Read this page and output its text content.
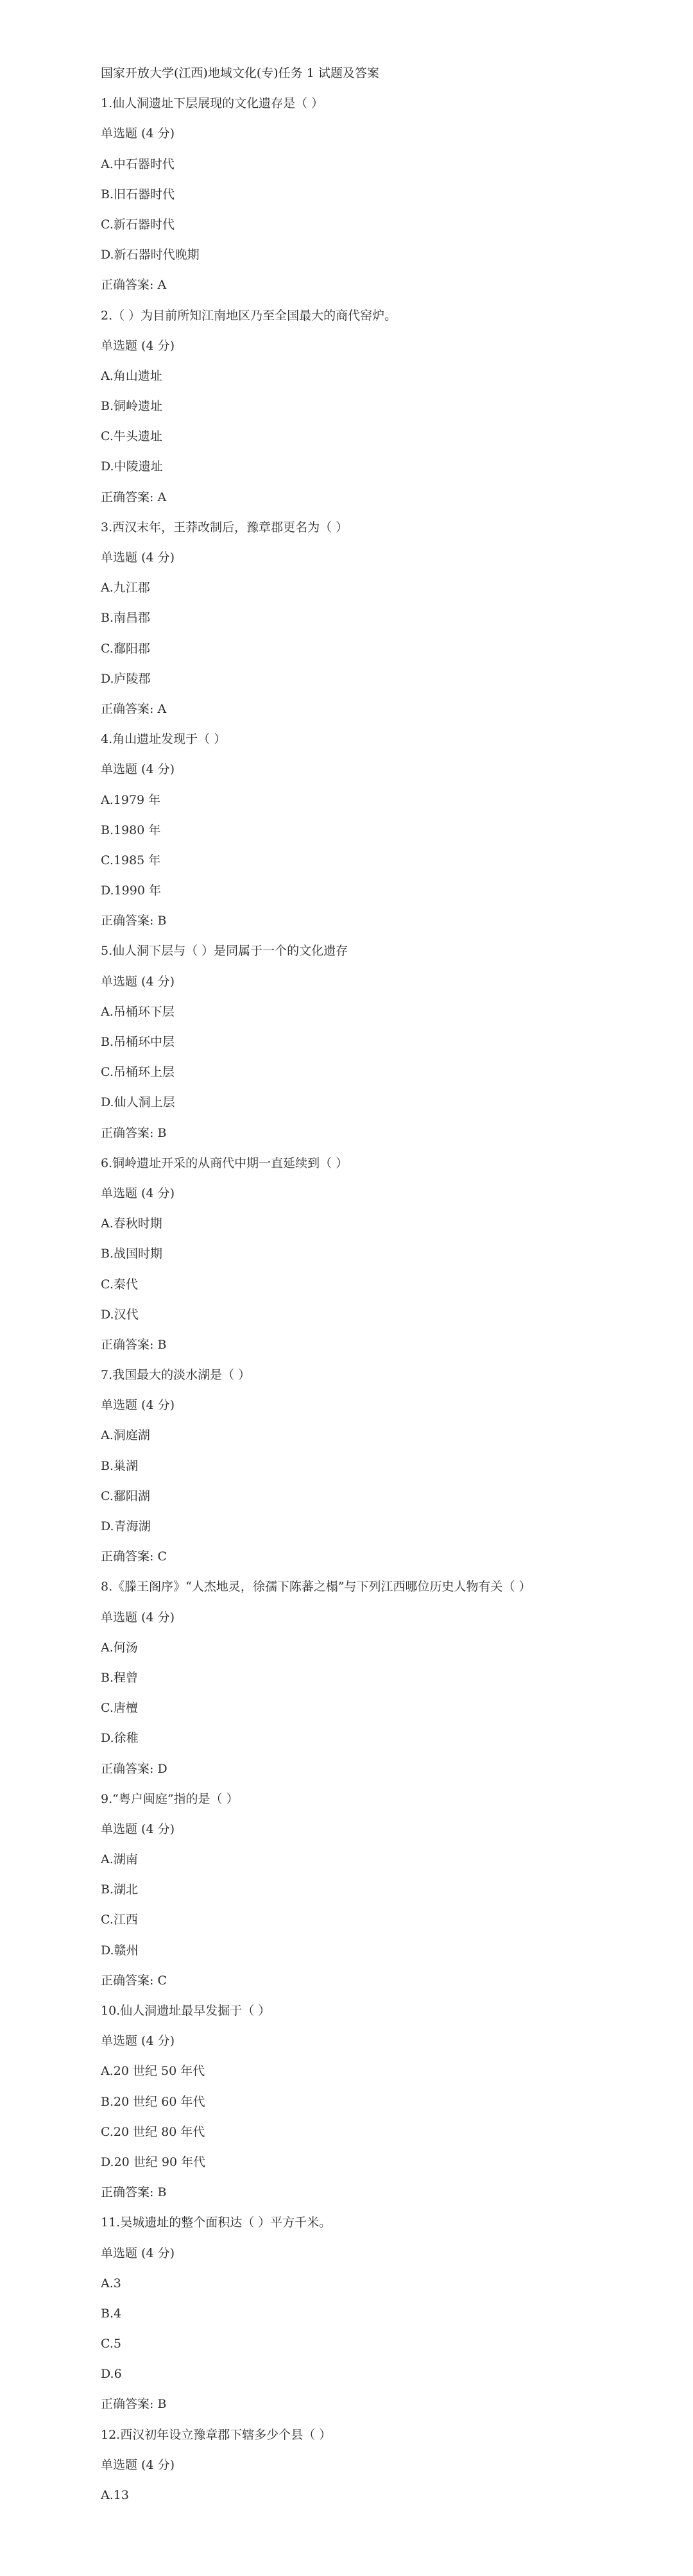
国家开放大学(江西)地域文化(专)任务 1 试题及答案
1.仙人洞遗址下层展现的文化遗存是（ ）
单选题 (4 分)
A.中石器时代
B.旧石器时代
C.新石器时代
D.新石器时代晚期
正确答案: A
2.（ ）为目前所知江南地区乃至全国最大的商代窑炉。
单选题 (4 分)
A.角山遗址
B.铜岭遗址
C.牛头遗址
D.中陵遗址
正确答案: A
3.西汉末年，王莽改制后，豫章郡更名为（ ）
单选题 (4 分)
A.九江郡
B.南昌郡
C.鄱阳郡
D.庐陵郡
正确答案: A
4.角山遗址发现于（ ）
单选题 (4 分)
A.1979 年
B.1980 年
C.1985 年
D.1990 年
正确答案: B
5.仙人洞下层与（ ）是同属于一个的文化遗存
单选题 (4 分)
A.吊桶环下层
B.吊桶环中层
C.吊桶环上层
D.仙人洞上层
正确答案: B
6.铜岭遗址开采的从商代中期一直延续到（ ）
单选题 (4 分)
A.春秋时期
B.战国时期
C.秦代
D.汉代
正确答案: B
7.我国最大的淡水湖是（ ）
单选题 (4 分)
A.洞庭湖
B.巢湖
C.鄱阳湖
D.青海湖
正确答案: C
8.《滕王阁序》“人杰地灵，徐孺下陈蕃之榻”与下列江西哪位历史人物有关（ ）
单选题 (4 分)
A.何汤
B.程曾
C.唐檀
D.徐稚
正确答案: D
9.“粤户闽庭”指的是（ ）
单选题 (4 分)
A.湖南
B.湖北
C.江西
D.赣州
正确答案: C
10.仙人洞遗址最早发掘于（ ）
单选题 (4 分)
A.20 世纪 50 年代
B.20 世纪 60 年代
C.20 世纪 80 年代
D.20 世纪 90 年代
正确答案: B
11.吴城遗址的整个面积达（ ）平方千米。
单选题 (4 分)
A.3
B.4
C.5
D.6
正确答案: B
12.西汉初年设立豫章郡下辖多少个县（ ）
单选题 (4 分)
A.13
